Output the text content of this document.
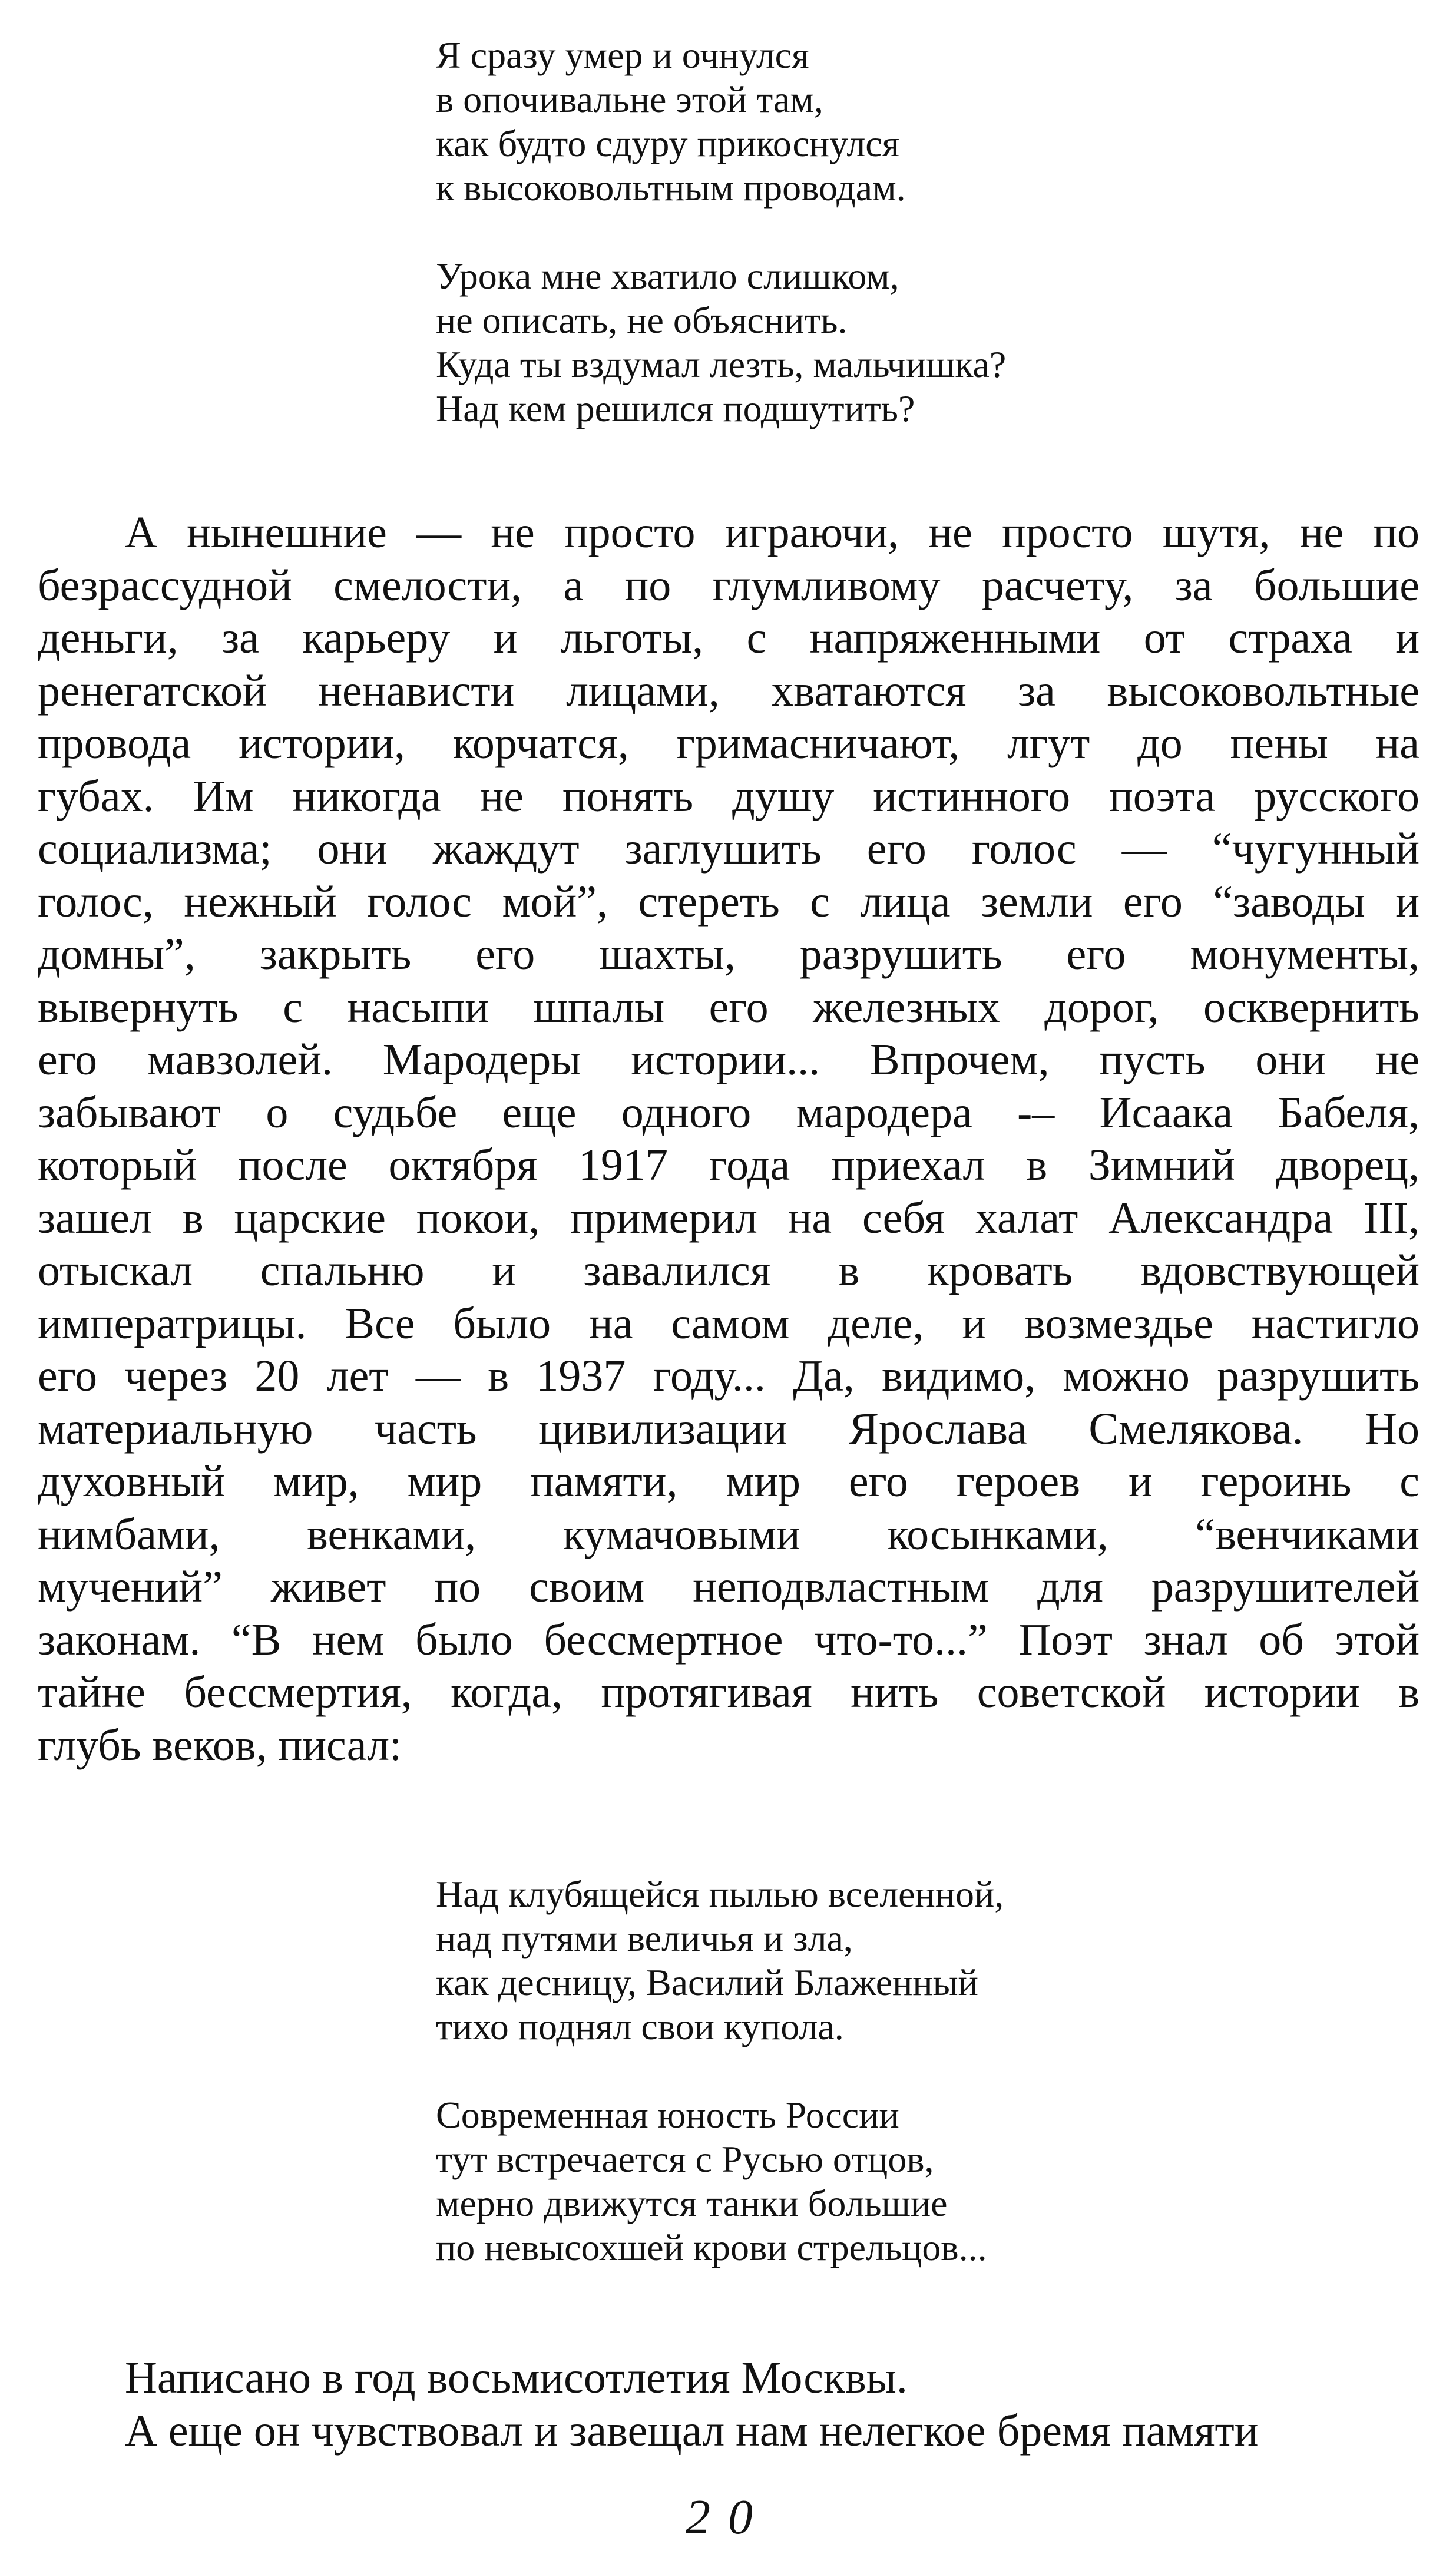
Я сразу умер и очнулся
в опочивальне этой там,
как будто сдуру прикоснулся
к высоковольтным проводам.

Урока мне хватило слишком,
не описать, не объяснить.
Куда ты вздумал лезть, мальчишка?
Над кем решился подшутить?

А нынешние — не просто играючи, не просто шутя, не по
безрассудной смелости, а по глумливому расчету, за большие
деньги, за карьеру и льготы, с напряженными от страха и
ренегатской ненависти лицами, хватаются за высоковольтные
провода истории, корчатся, гримасничают, лгут до пены на
губах. Им никогда не понять душу истинного поэта русского
социализма; они жаждут заглушить его голос — “чугунный
голос, нежный голос мой”, стереть с лица земли его “заводы и
домны”, закрыть его шахты, разрушить его монументы,
вывернуть с насыпи шпалы его железных дорог, осквернить
его мавзолей. Мародеры истории... Впрочем, пусть они не
забывают о судьбе еще одного мародера -– Исаака Бабеля,
который после октября 1917 года приехал в Зимний дворец,
зашел в царские покои, примерил на себя халат Александра III,
отыскал спальню и завалился в кровать вдовствующей
императрицы. Все было на самом деле, и возмездье настигло
его через 20 лет — в 1937 году... Да, видимо, можно разрушить
материальную часть цивилизации Ярослава Смелякова. Но
духовный мир, мир памяти, мир его героев и героинь с
нимбами, венками, кумачовыми косынками, “венчиками
мучений” живет по своим неподвластным для разрушителей
законам. “В нем было бессмертное что-то...” Поэт знал об этой
тайне бессмертия, когда, протягивая нить советской истории в
глубь веков, писал:

Над клубящейся пылью вселенной,
над путями величья и зла,
как десницу, Василий Блаженный
тихо поднял свои купола.

Современная юность России
тут встречается с Русью отцов,
мерно движутся танки большие
по невысохшей крови стрельцов...

Написано в год восьмисотлетия Москвы.
А еще он чувствовал и завещал нам нелегкое бремя памяти
20
